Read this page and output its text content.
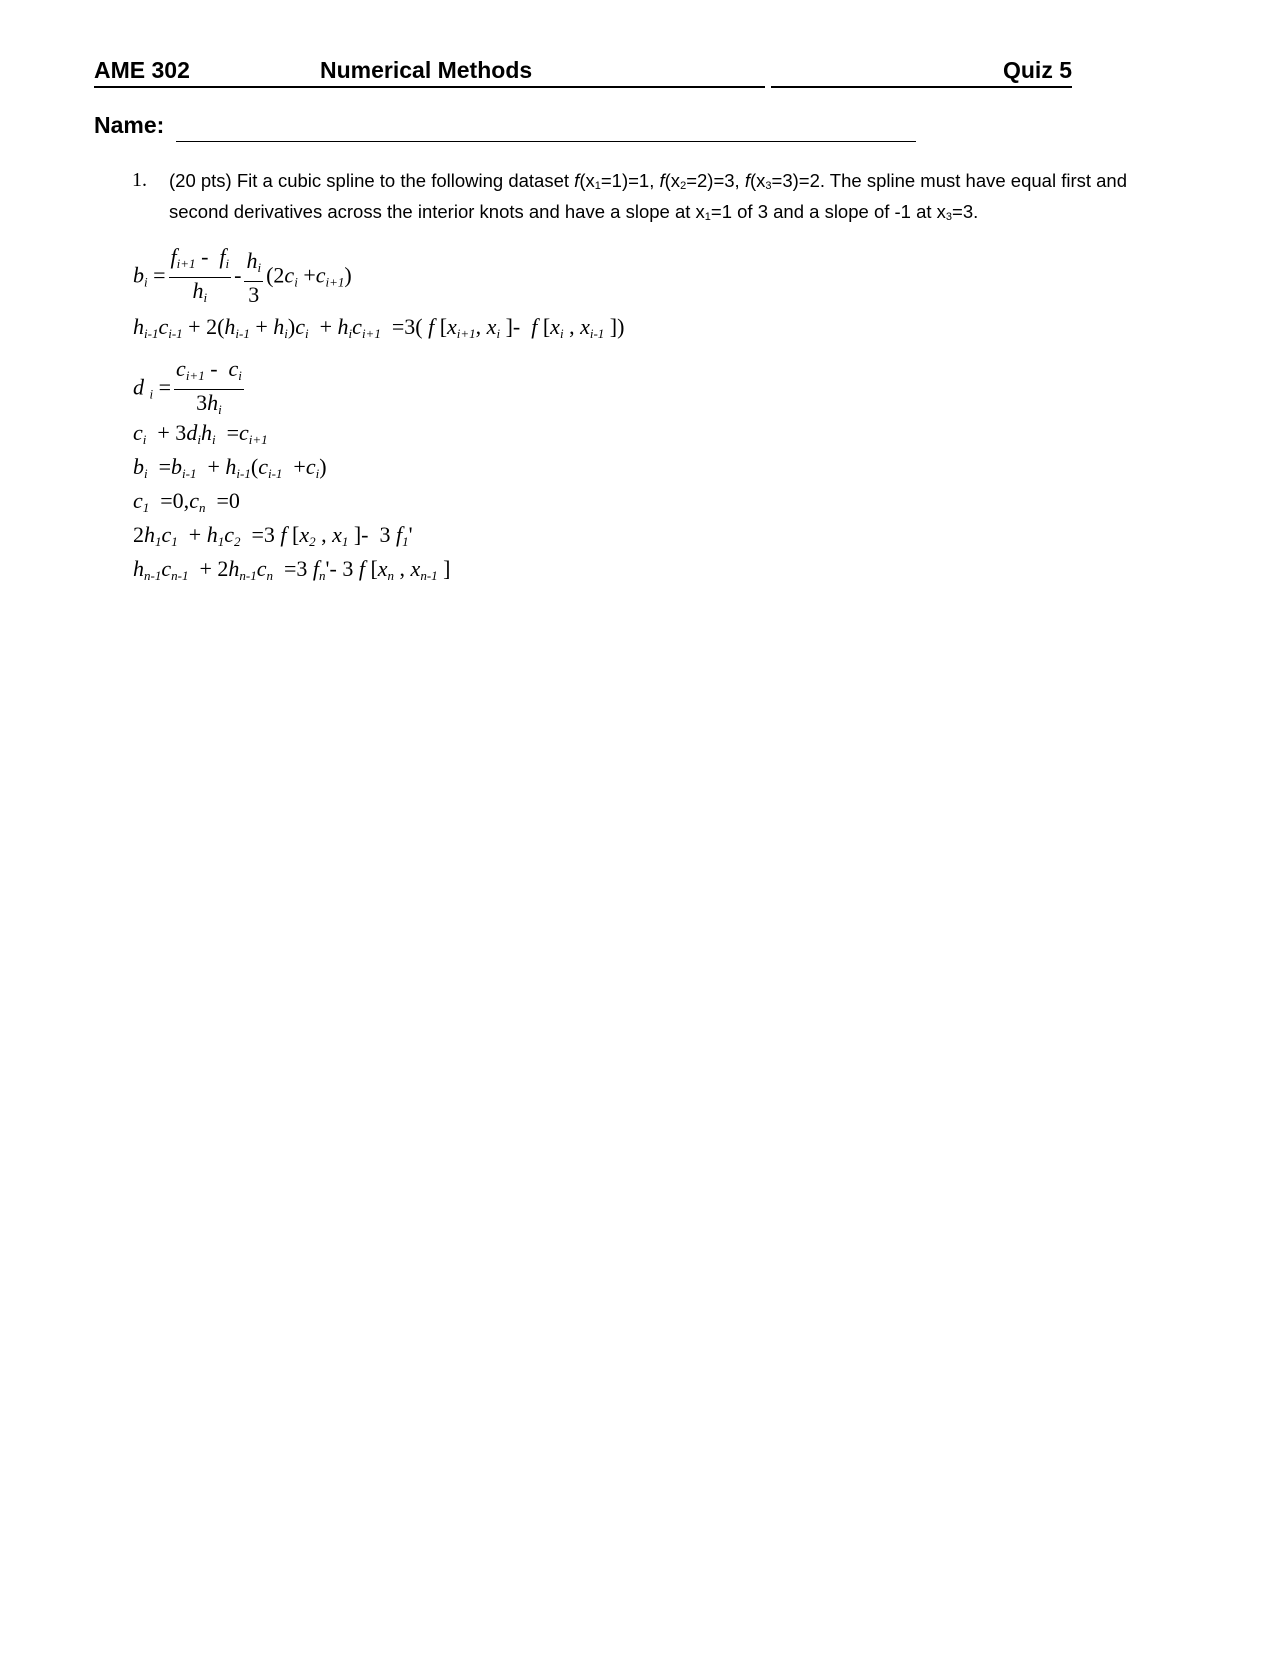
AME 302	Numerical Methods	Quiz 5
Name:
1. (20 pts) Fit a cubic spline to the following dataset $f(x_1=1)=1$, $f(x_2=2)=3$, $f(x_3=3)=2$. The spline must have equal first and second derivatives across the interior knots and have a slope at $x_1=1$ of 3 and a slope of -1 at $x_3=3$.
$b_i = \frac{f_{i+1} - f_i}{h_i} - \frac{h_i}{3} (2c_i +c_{i+1})$
$h_{i-1}c_{i-1} + 2(h_{i-1} + h_i)c_i + h_ic_{i+1} =3$( f [$x_{i+1}$, $x_i$ ]-  f [$x_i$ , $x_{i-1}$ ])
d $_i = \frac{c_{i+1} - c_i}{3h_i}$
$c_i + 3d_ih_i =c_{i+1}$
$b_i =b_{i-1} + h_{i-1}(c_{i-1} +c_i)$
$c_1 =0,c_n =0$
$2h_1c_1 + h_1c_2 =3$ f [$x_2$ , $x_1$ ]-  3 $f_1'$
$h_{n-1}c_{n-1} + 2h_{n-1}c_n =3$ $f_n'-$ 3 f [$x_n$ , $x_{n-1}$ ]
